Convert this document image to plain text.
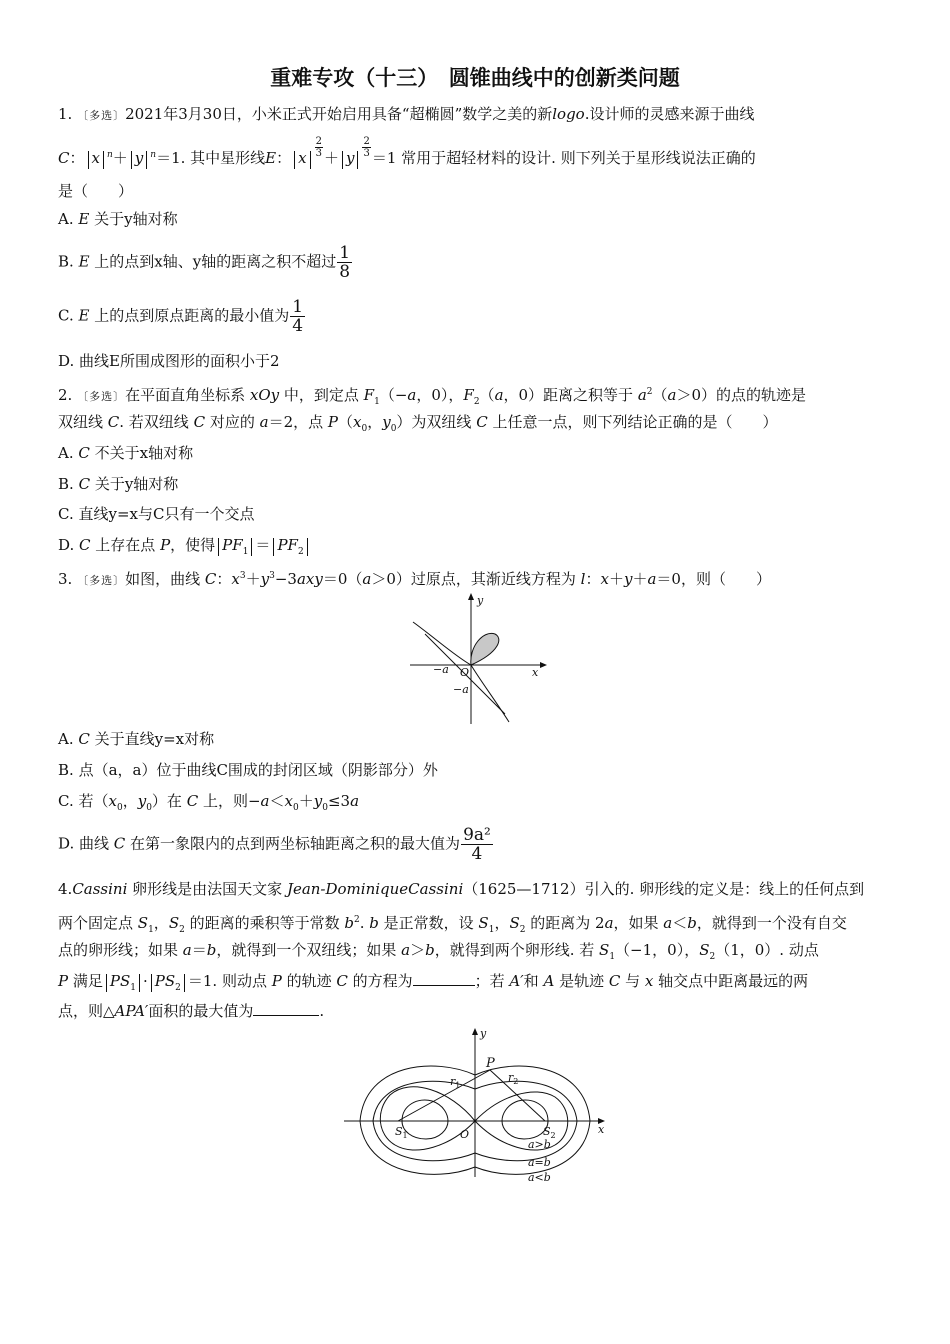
重难专攻（十三）　圆锥曲线中的创新类问题
1. 〔多选〕2021年3月30日，小米正式开始启用具备“超椭圆”数学之美的新logo.设计师的灵感来源于曲线
C： x $^n$＋ y $^n$＝1. 其中星形线E： x $\frac{2}{3} + y \frac{2}{3} =1$ 常用于超轻材料的设计. 则下列关于星形线说法正确的
是（　　）
A. E 关于y轴对称
B. E 上的点到x轴、y轴的距离之积不超过 $\frac{1}{8}$
C. E 上的点到原点距离的最小值为 $\frac{1}{4}$
D. 曲线E所围成图形的面积小于2
2. 〔多选〕在平面直角坐标系 xOy 中，到定点 $F_1(-a$，0），$F_2(a$，0）距离之积等于 $a^2(a>0)$的点的轨迹是
双纽线 C. 若双纽线 C 对应的 a＝2，点 $P(x_0$，$y_0$）为双纽线 C 上任意一点，则下列结论正确的是（　　）
A. C 不关于x轴对称
B. C 关于y轴对称
C. 直线y=x与C只有一个交点
D. C 上存在点 P，使得 $PF_1 = PF_2$
3. 〔多选〕如图，曲线 C：$x^3+y^3-3axy=0(a>0)$过原点，其渐近线方程为 l：x＋y＋a＝0，则（　　）
y
x
O
−a
−a
A. C 关于直线y=x对称
B. 点（a，a）位于曲线C围成的封闭区域（阴影部分）外
C. 若（$x_0$，$y_0$）在 C 上，则$-a<x_0+y_0\le 3a$
D. 曲线 C 在第一象限内的点到两坐标轴距离之积的最大值为 $\frac{\text{9a²}}{4}$
4.Cassini 卵形线是由法国天文家 Jean-DominiqueCassini（1625—1712）引入的. 卵形线的定义是：线上的任何点到
两个固定点 $S_1$，$S_2$ 的距离的乘积等于常数 $b^2$. b 是正常数，设 $S_1$，$S_2$ 的距离为 2a，如果 a＜b，就得到一个没有自交
点的卵形线；如果 a＝b，就得到一个双纽线；如果 a＞b，就得到两个卵形线. 若 $S_1(-1$，0），$S_2(1$，0）. 动点
P 满足 $PS_1 \cdot PS_2 =1$. 则动点 P 的轨迹 C 的方程为	；若 A′和 A 是轨迹 C 与 x 轴交点中距离最远的两
点，则△APA′面积的最大值为	.
y
x
O
P
$r_1$
$r_2$
$S_1$	$S_2$
a>b
a=b
a<b
